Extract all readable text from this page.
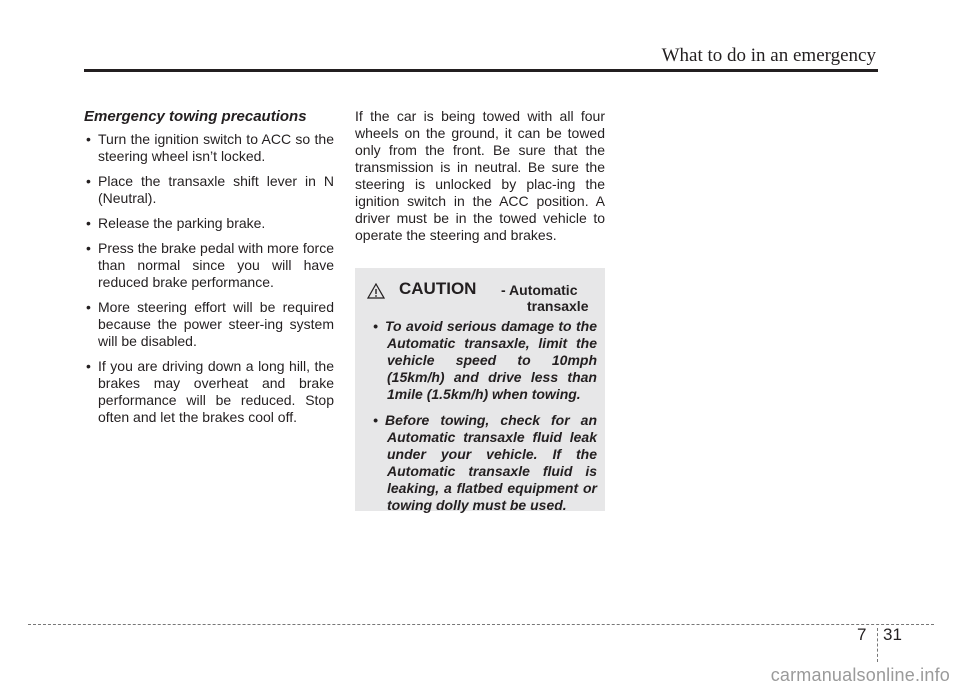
What to do in an emergency
Emergency towing precautions
• Turn the ignition switch to ACC so the steering wheel isn’t locked.
• Place the transaxle shift lever in N (Neutral).
• Release the parking brake.
• Press the brake pedal with more force than normal since you will have reduced brake performance.
• More steering effort will be required because the power steer-ing system will be disabled.
• If you are driving down a long hill, the brakes may overheat and brake performance will be reduced. Stop often and let the brakes cool off.

If the car is being towed with all four wheels on the ground, it can be towed only from the front. Be sure that the transmission is in neutral. Be sure the steering is unlocked by plac-ing the ignition switch in the ACC position. A driver must be in the towed vehicle to operate the steering and brakes.

CAUTION - Automatic
transaxle
• To avoid serious damage to the Automatic transaxle, limit the vehicle speed to 10mph (15km/h) and drive less than 1mile (1.5km/h) when towing.
• Before towing, check for an Automatic transaxle fluid leak under your vehicle. If the Automatic transaxle fluid is leaking, a flatbed equipment or towing dolly must be used.
7 31
carmanualsonline.info
